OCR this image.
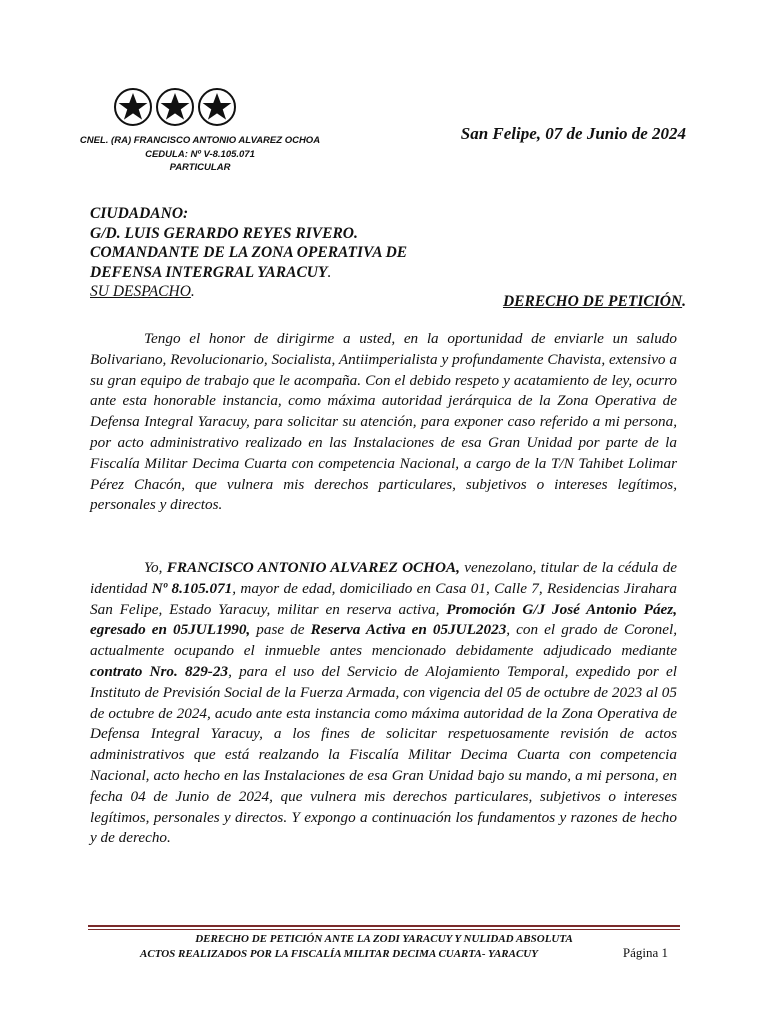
CNEL. (RA) FRANCISCO ANTONIO ALVAREZ OCHOA
CEDULA: Nº V-8.105.071
PARTICULAR
San Felipe, 07 de Junio de 2024
CIUDADANO:
G/D. LUIS GERARDO REYES RIVERO.
COMANDANTE DE LA ZONA OPERATIVA DE
DEFENSA INTERGRAL YARACUY.
SU DESPACHO.
DERECHO DE PETICIÓN.

Tengo el honor de dirigirme a usted, en la oportunidad de enviarle un saludo Bolivariano, Revolucionario, Socialista, Antiimperialista y profundamente Chavista, extensivo a su gran equipo de trabajo que le acompaña. Con el debido respeto y acatamiento de ley, ocurro ante esta honorable instancia, como máxima autoridad jerárquica de la Zona Operativa de Defensa Integral Yaracuy, para solicitar su atención, para exponer caso referido a mi persona, por acto administrativo realizado en las Instalaciones de esa Gran Unidad por parte de la Fiscalía Militar Decima Cuarta con competencia Nacional, a cargo de la T/N Tahibet Lolimar Pérez Chacón, que vulnera mis derechos particulares, subjetivos o intereses legítimos, personales y directos.

Yo, FRANCISCO ANTONIO ALVAREZ OCHOA, venezolano, titular de la cédula de identidad Nº 8.105.071, mayor de edad, domiciliado en Casa 01, Calle 7, Residencias Jirahara San Felipe, Estado Yaracuy, militar en reserva activa, Promoción G/J José Antonio Páez, egresado en 05JUL1990, pase de Reserva Activa en 05JUL2023, con el grado de Coronel, actualmente ocupando el inmueble antes mencionado debidamente adjudicado mediante contrato Nro. 829-23, para el uso del Servicio de Alojamiento Temporal, expedido por el Instituto de Previsión Social de la Fuerza Armada, con vigencia del 05 de octubre de 2023 al 05 de octubre de 2024, acudo ante esta instancia como máxima autoridad de la Zona Operativa de Defensa Integral Yaracuy, a los fines de solicitar respetuosamente revisión de actos administrativos que está realzando la Fiscalía Militar Decima Cuarta con competencia Nacional, acto hecho en las Instalaciones de esa Gran Unidad bajo su mando, a mi persona, en fecha 04 de Junio de 2024, que vulnera mis derechos particulares, subjetivos o intereses legítimos, personales y directos. Y expongo a continuación los fundamentos y razones de hecho y de derecho.

DERECHO DE PETICIÓN ANTE LA ZODI YARACUY Y NULIDAD ABSOLUTA
ACTOS REALIZADOS POR LA FISCALÍA MILITAR DECIMA CUARTA- YARACUY	Página 1
